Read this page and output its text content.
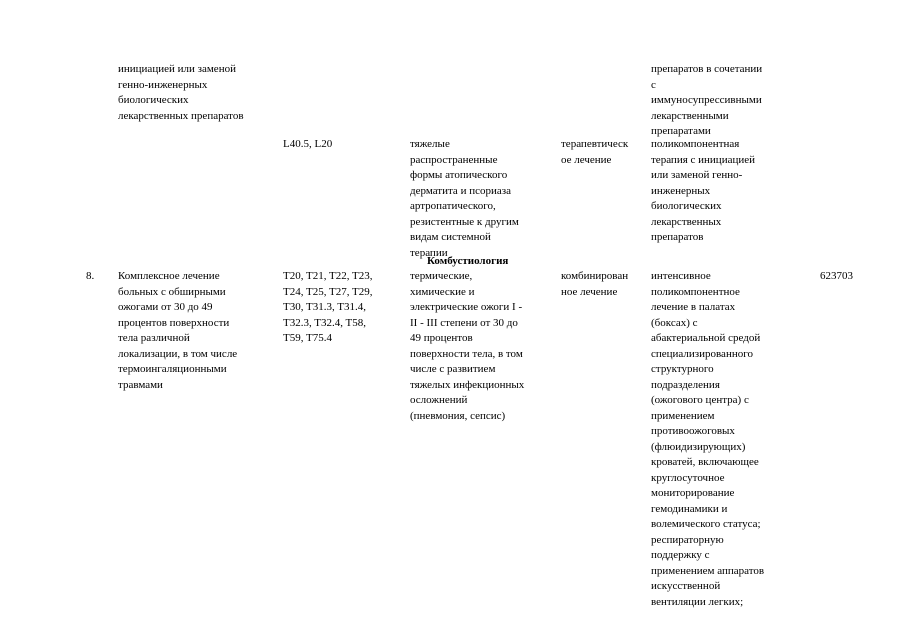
инициацией или заменой
генно-инженерных
биологических
лекарственных препаратов
препаратов в сочетании
с
иммуносупрессивными
лекарственными
препаратами
L40.5, L20	тяжелые
распространенные
формы атопического
дерматита и псориаза
артропатического,
резистентные к другим
видам системной
терапии
терапевтическ
ое лечение
поликомпонентная
терапия с инициацией
или заменой генно-
инженерных
биологических
лекарственных
препаратов
Комбустиология
8. Комплексное лечение
больных с обширными
ожогами от 30 до 49
процентов поверхности
тела различной
локализации, в том числе
термоингаляционными
травмами
T20, T21, T22, T23,
T24, T25, T27, T29,
T30, T31.3, T31.4,
T32.3, T32.4, T58,
T59, T75.4
термические,
химические и
электрические ожоги I -
II - III степени от 30 до
49 процентов
поверхности тела, в том
числе с развитием
тяжелых инфекционных
осложнений
(пневмония, сепсис)
комбинирован
ное лечение
интенсивное
поликомпонентное
лечение в палатах
(боксах) с
абактериальной средой
специализированного
структурного
подразделения
(ожогового центра) с
применением
противоожоговых
(флюидизирующих)
кроватей, включающее
круглосуточное
мониторирование
гемодинамики и
волемического статуса;
респираторную
поддержку с
применением аппаратов
искусственной
вентиляции легких;
623703
